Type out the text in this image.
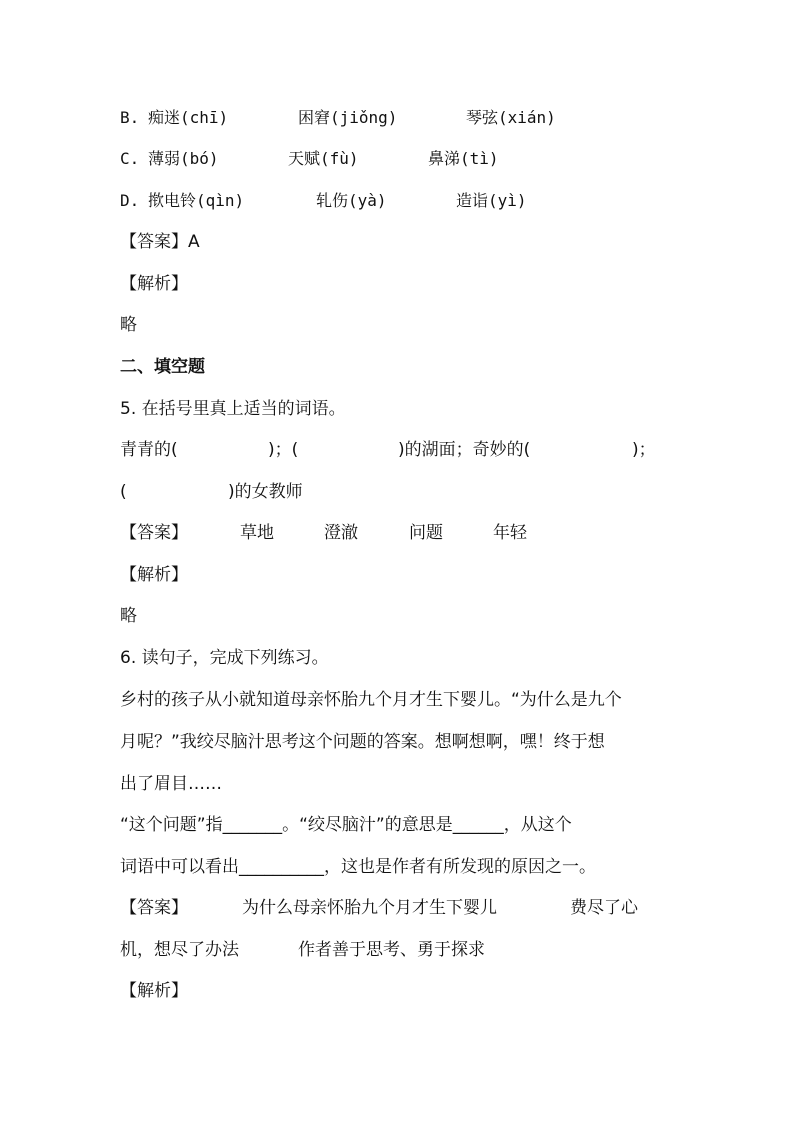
B. 痴迷(chī)	困窘(jiǒng)	琴弦(xián)
C. 薄弱(bó)	天赋(fù)	鼻涕(tì)
D. 揿电铃(qìn)	轧伤(yà)	造诣(yì)
【答案】A
【解析】
略
二、填空题
5. 在括号里真上适当的词语。
青青的(	)；(	)的湖面；奇妙的(	)；
(	)的女教师
【答案】	草地	澄澈	问题	年轻
【解析】
略
6. 读句子，完成下列练习。
乡村的孩子从小就知道母亲怀胎九个月才生下婴儿。“为什么是九个
月呢？”我绞尽脑汁思考这个问题的答案。想啊想啊，嘿！终于想
出了眉目……
“这个问题”指_______。“绞尽脑汁”的意思是______，从这个
词语中可以看出__________，这也是作者有所发现的原因之一。
【答案】	为什么母亲怀胎九个月才生下婴儿	费尽了心
机，想尽了办法	作者善于思考、勇于探求
【解析】
